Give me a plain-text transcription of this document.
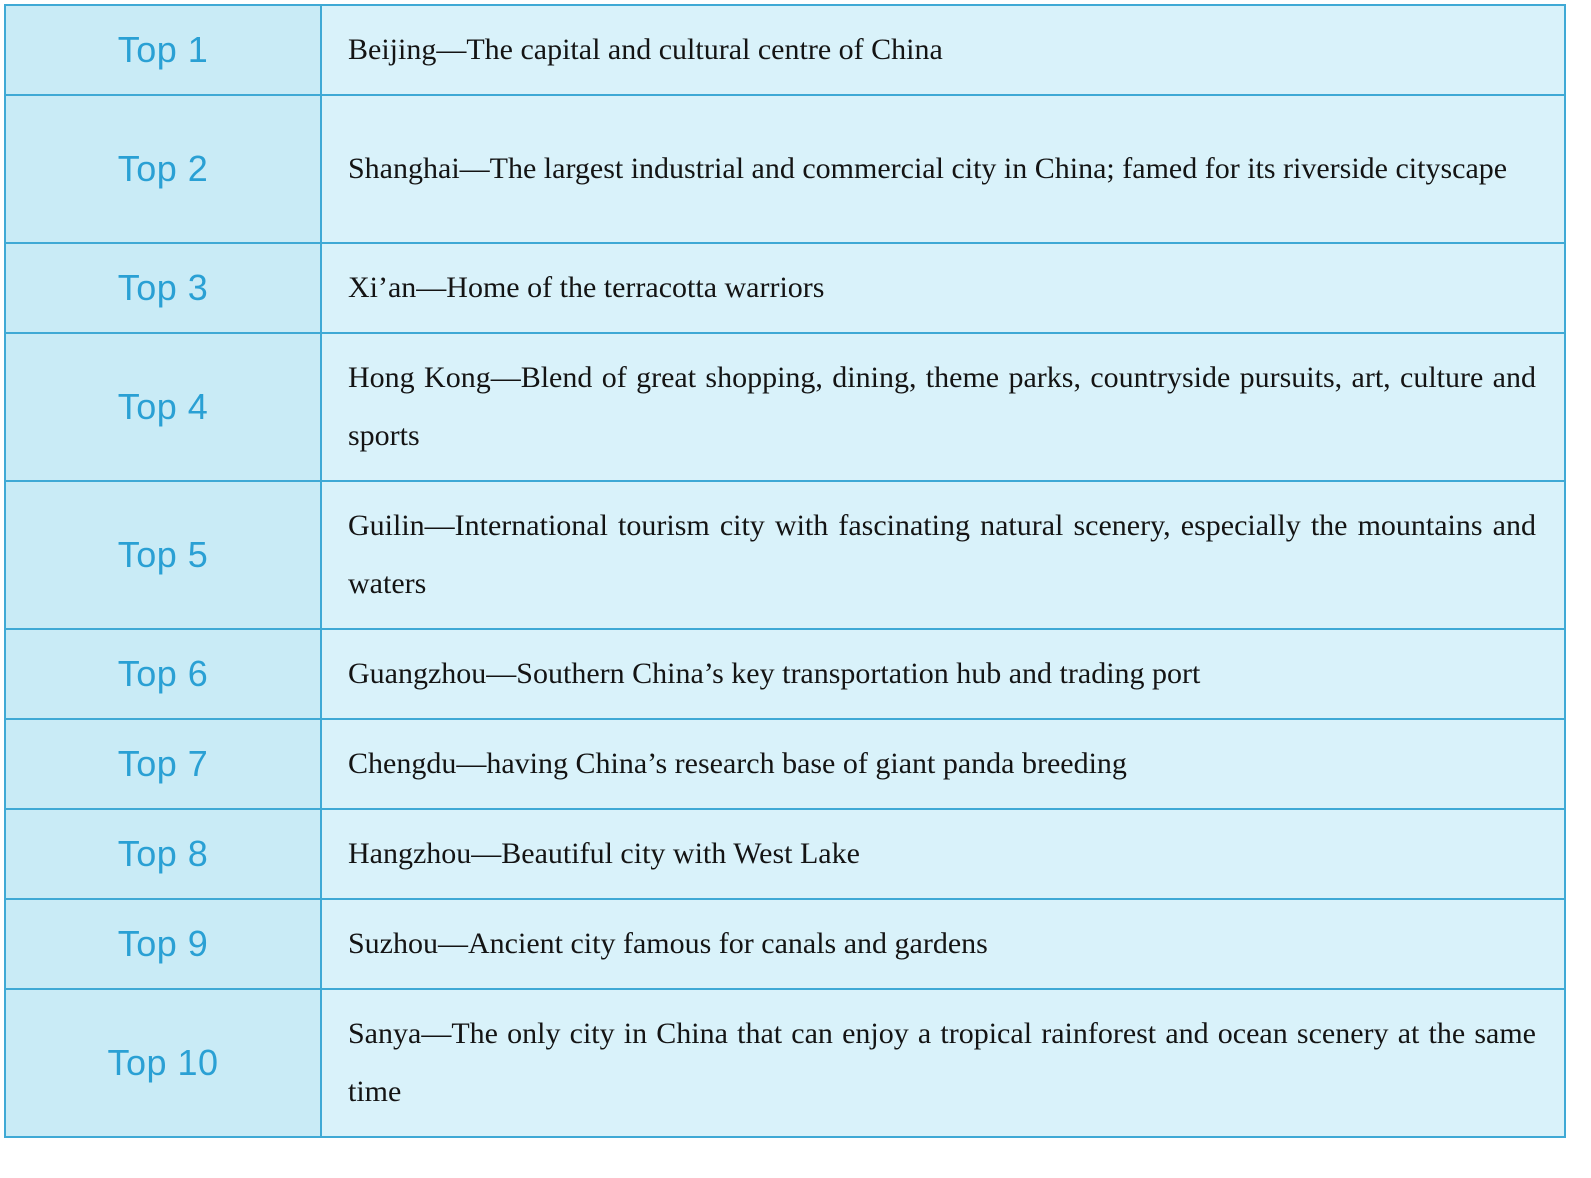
Top 1	Beijing—The capital and cultural centre of China

Top 2	Shanghai—The largest industrial and commercial city in China; famed for its riverside cityscape

Top 3	Xi’an—Home of the terracotta warriors

Top 4	Hong Kong—Blend of great shopping, dining, theme parks, countryside pursuits, art, culture and sports

Top 5	Guilin—International tourism city with fascinating natural scenery, especially the mountains and waters

Top 6	Guangzhou—Southern China’s key transportation hub and trading port

Top 7	Chengdu—having China’s research base of giant panda breeding

Top 8	Hangzhou—Beautiful city with West Lake

Top 9	Suzhou—Ancient city famous for canals and gardens

Top 10	Sanya—The only city in China that can enjoy a tropical rainforest and ocean scenery at the same time
